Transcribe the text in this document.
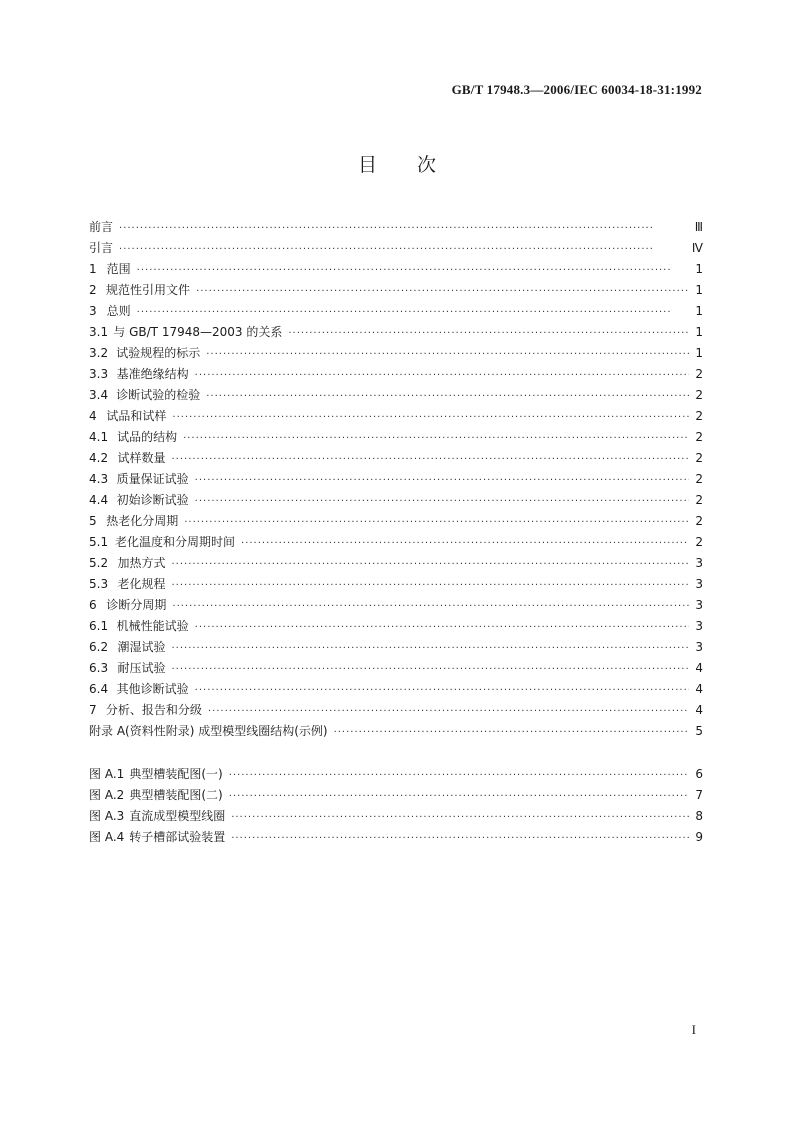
GB/T 17948.3—2006/IEC 60034-18-31:1992
目次
前言 ·····	Ⅲ
引言 ·····	Ⅳ
1 范围 ·····	1
2 规范性引用文件 ·····	1
3 总则 ·····	1
3.1 与 GB/T 17948—2003 的关系 ·····	1
3.2 试验规程的标示 ·····	1
3.3 基准绝缘结构 ·····	2
3.4 诊断试验的检验 ·····	2
4 试品和试样 ·····	2
4.1 试品的结构 ·····	2
4.2 试样数量 ·····	2
4.3 质量保证试验 ·····	2
4.4 初始诊断试验 ·····	2
5 热老化分周期 ·····	2
5.1 老化温度和分周期时间 ·····	2
5.2 加热方式 ·····	3
5.3 老化规程 ·····	3
6 诊断分周期 ·····	3
6.1 机械性能试验 ·····	3
6.2 潮湿试验 ·····	3
6.3 耐压试验 ·····	4
6.4 其他诊断试验 ·····	4
7 分析、报告和分级 ·····	4
附录 A(资料性附录) 成型模型线圈结构(示例) ·····	5
图 A.1 典型槽装配图(一) ·····	6
图 A.2 典型槽装配图(二) ·····	7
图 A.3 直流成型模型线圈 ·····	8
图 A.4 转子槽部试验装置 ·····	9
I
